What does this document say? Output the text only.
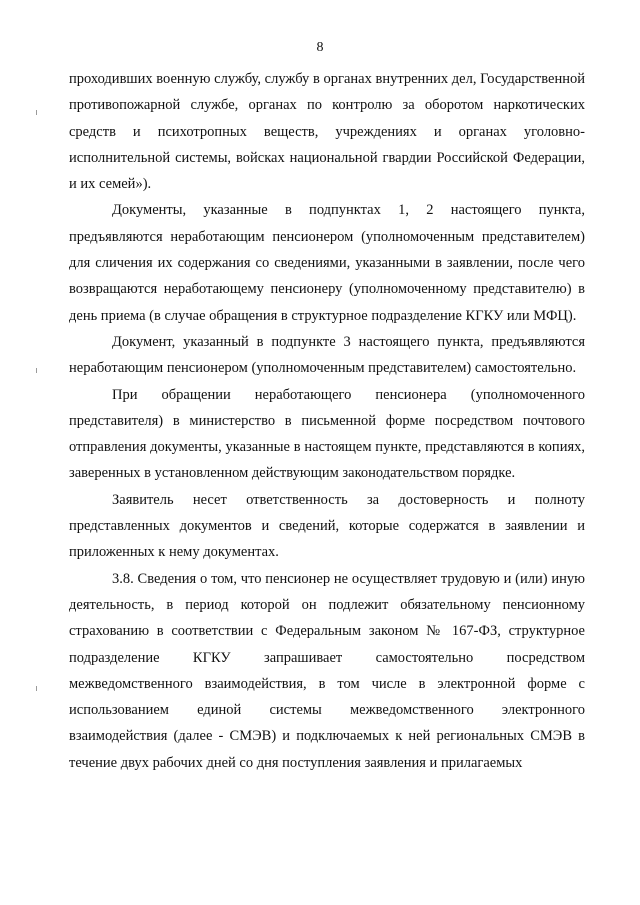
8

проходивших военную службу, службу в органах внутренних дел, Государственной противопожарной службе, органах по контролю за оборотом наркотических средств и психотропных веществ, учреждениях и органах уголовно-исполнительной системы, войсках национальной гвардии Российской Федерации, и их семей»).

Документы, указанные в подпунктах 1, 2 настоящего пункта, предъявляются неработающим пенсионером (уполномоченным представителем) для сличения их содержания со сведениями, указанными в заявлении, после чего возвращаются неработающему пенсионеру (уполномоченному представителю) в день приема (в случае обращения в структурное подразделение КГКУ или МФЦ).

Документ, указанный в подпункте 3 настоящего пункта, предъявляются неработающим пенсионером (уполномоченным представителем) самостоятельно.

При обращении неработающего пенсионера (уполномоченного представителя) в министерство в письменной форме посредством почтового отправления документы, указанные в настоящем пункте, представляются в копиях, заверенных в установленном действующим законодательством порядке.

Заявитель несет ответственность за достоверность и полноту представленных документов и сведений, которые содержатся в заявлении и приложенных к нему документах.

3.8. Сведения о том, что пенсионер не осуществляет трудовую и (или) иную деятельность, в период которой он подлежит обязательному пенсионному страхованию в соответствии с Федеральным законом № 167-ФЗ, структурное подразделение КГКУ запрашивает самостоятельно посредством межведомственного взаимодействия, в том числе в электронной форме с использованием единой системы межведомственного электронного взаимодействия (далее - СМЭВ) и подключаемых к ней региональных СМЭВ в течение двух рабочих дней со дня поступления заявления и прилагаемых
